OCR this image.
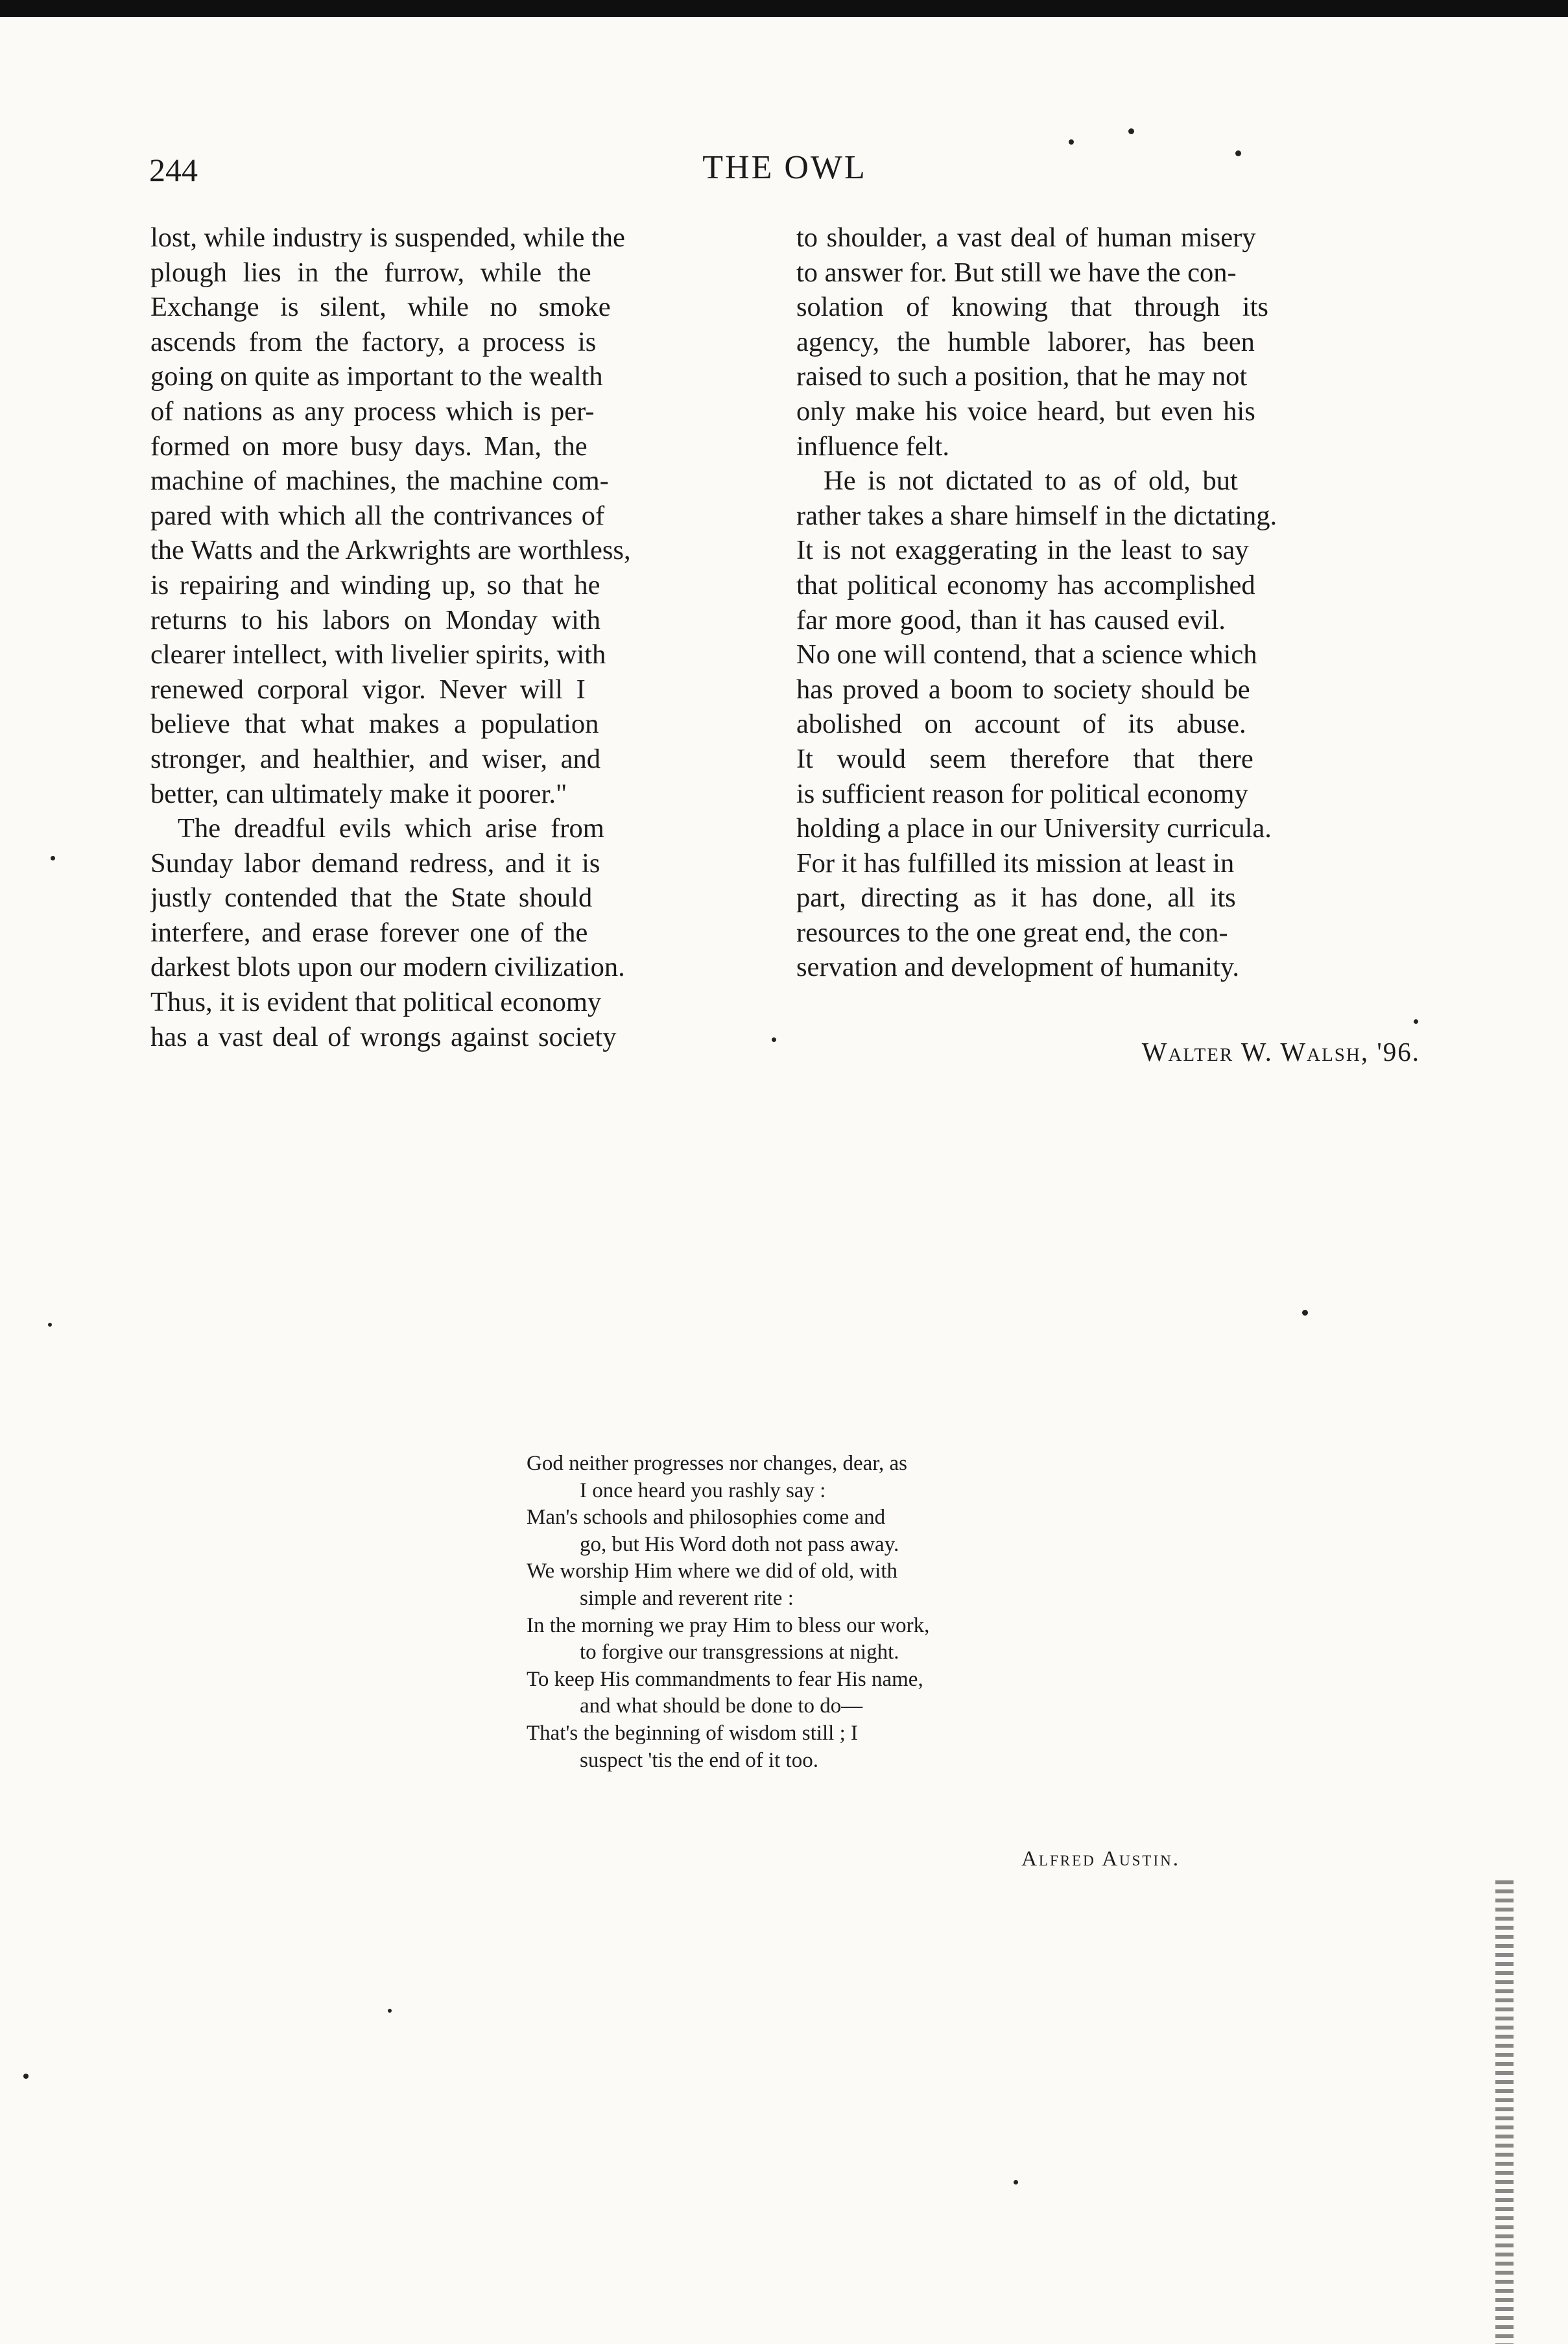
244	THE OWL
lost, while industry is suspended, while the
plough lies in the furrow, while the
Exchange is silent, while no smoke
ascends from the factory, a process is
going on quite as important to the wealth
of nations as any process which is per-
formed on more busy days. Man, the
machine of machines, the machine com-
pared with which all the contrivances of
the Watts and the Arkwrights are worthless,
is repairing and winding up, so that he
returns to his labors on Monday with
clearer intellect, with livelier spirits, with
renewed corporal vigor. Never will I
believe that what makes a population
stronger, and healthier, and wiser, and
better, can ultimately make it poorer."
The dreadful evils which arise from
Sunday labor demand redress, and it is
justly contended that the State should
interfere, and erase forever one of the
darkest blots upon our modern civilization.
Thus, it is evident that political economy
has a vast deal of wrongs against society
to shoulder, a vast deal of human misery
to answer for. But still we have the con-
solation of knowing that through its
agency, the humble laborer, has been
raised to such a position, that he may not
only make his voice heard, but even his
influence felt.
He is not dictated to as of old, but
rather takes a share himself in the dictating.
It is not exaggerating in the least to say
that political economy has accomplished
far more good, than it has caused evil.
No one will contend, that a science which
has proved a boom to society should be
abolished on account of its abuse.
It would seem therefore that there
is sufficient reason for political economy
holding a place in our University curricula.
For it has fulfilled its mission at least in
part, directing as it has done, all its
resources to the one great end, the con-
servation and development of humanity.
Walter W. Walsh, '96.
God neither progresses nor changes, dear, as
I once heard you rashly say :
Man's schools and philosophies come and
go, but His Word doth not pass away.
We worship Him where we did of old, with
simple and reverent rite :
In the morning we pray Him to bless our work,
to forgive our transgressions at night.
To keep His commandments to fear His name,
and what should be done to do—
That's the beginning of wisdom still ; I
suspect 'tis the end of it too.
Alfred Austin.
